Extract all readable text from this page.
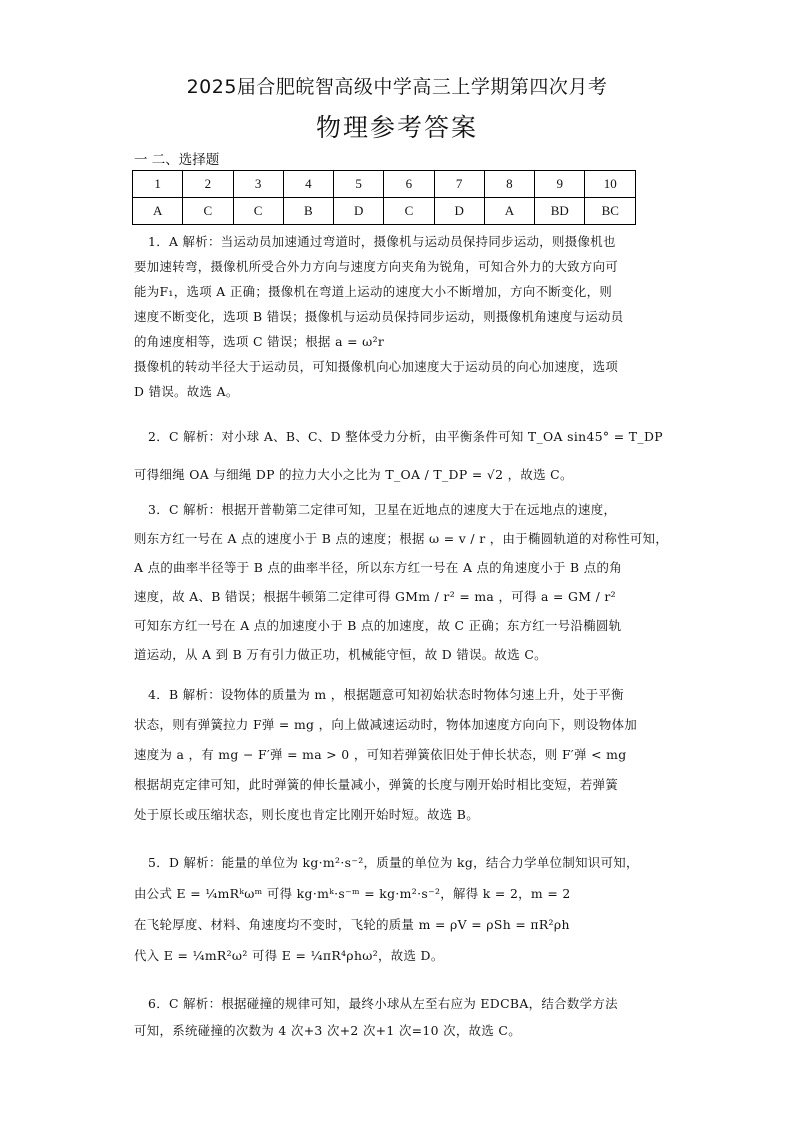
2025届合肥皖智高级中学高三上学期第四次月考
物理参考答案
一 二、选择题
1	2	3	4	5	6	7	8	9	10
A	C	C	B	D	C	D	A	BD	BC

1．A 解析：当运动员加速通过弯道时，摄像机与运动员保持同步运动，则摄像机也

要加速转弯，摄像机所受合外力方向与速度方向夹角为锐角，可知合外力的大致方向可

能为F₁，选项 A 正确；摄像机在弯道上运动的速度大小不断增加，方向不断变化，则

速度不断变化，选项 B 错误；摄像机与运动员保持同步运动，则摄像机角速度与运动员

的角速度相等，选项 C 错误；根据 a = ω²r

摄像机的转动半径大于运动员，可知摄像机向心加速度大于运动员的向心加速度，选项

D 错误。故选 A。

2．C 解析：对小球 A、B、C、D 整体受力分析，由平衡条件可知 T_OA sin45° = T_DP

可得细绳 OA 与细绳 DP 的拉力大小之比为 T_OA / T_DP = √2 ，故选 C。

3．C 解析：根据开普勒第二定律可知，卫星在近地点的速度大于在远地点的速度，

则东方红一号在 A 点的速度小于 B 点的速度；根据 ω = v / r ，由于椭圆轨道的对称性可知，

A 点的曲率半径等于 B 点的曲率半径，所以东方红一号在 A 点的角速度小于 B 点的角

速度，故 A、B 错误；根据牛顿第二定律可得 GMm / r² = ma ，可得 a = GM / r²

可知东方红一号在 A 点的加速度小于 B 点的加速度，故 C 正确；东方红一号沿椭圆轨

道运动，从 A 到 B 万有引力做正功，机械能守恒，故 D 错误。故选 C。

4．B 解析：设物体的质量为 m ，根据题意可知初始状态时物体匀速上升，处于平衡

状态，则有弹簧拉力 F弹 = mg ，向上做减速运动时，物体加速度方向向下，则设物体加

速度为 a ，有 mg − F′弹 = ma > 0 ，可知若弹簧依旧处于伸长状态，则 F′弹 < mg

根据胡克定律可知，此时弹簧的伸长量减小，弹簧的长度与刚开始时相比变短，若弹簧

处于原长或压缩状态，则长度也肯定比刚开始时短。故选 B。

5．D 解析：能量的单位为 kg·m²·s⁻²，质量的单位为 kg，结合力学单位制知识可知，

由公式 E = ¼mRᵏωᵐ 可得 kg·mᵏ·s⁻ᵐ = kg·m²·s⁻²，解得 k = 2，m = 2

在飞轮厚度、材料、角速度均不变时，飞轮的质量 m = ρV = ρSh = πR²ρh

代入 E = ¼mR²ω² 可得 E = ¼πR⁴ρhω²，故选 D。

6．C 解析：根据碰撞的规律可知，最终小球从左至右应为 EDCBA，结合数学方法

可知，系统碰撞的次数为 4 次+3 次+2 次+1 次=10 次，故选 C。
